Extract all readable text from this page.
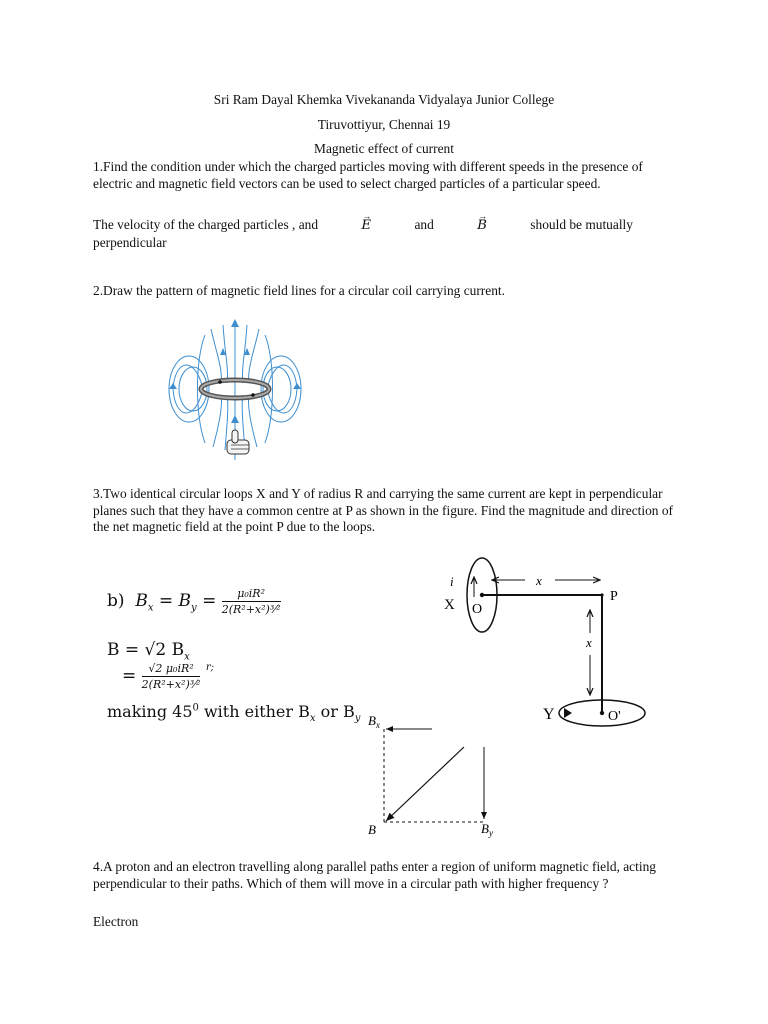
Sri Ram Dayal Khemka Vivekananda Vidyalaya Junior College
Tiruvottiyur, Chennai 19
Magnetic effect of current
1.Find the condition under which the charged particles moving with different speeds in the presence of electric and magnetic field vectors can be used to select charged particles of a particular speed.
The velocity of the charged particles , and
→
E	and
→
B	should be mutually
perpendicular
2.Draw the pattern of magnetic field lines for a circular coil carrying current.
3.Two identical circular loops X and Y of radius R and carrying the same current are kept in perpendicular planes such that they have a common centre at P as shown in the figure. Find the magnitude and direction of the net magnetic field at the point P due to the loops.
b) $B_x = B_y = \frac{\text{μ₀iR²}}{\text{2(R²+x²)³⁄²}}$
B = √2 $B_x$
= $\frac{\text{√2 μ₀iR²}}{\text{2(R²+x²)³⁄²}} ^{r;}$
making $45^0$ with either $B_x$ or $B_y$
i	x
X O
P
x
Y	O'
$B_x$
B	$B_y$
4.A proton and an electron travelling along parallel paths enter a region of uniform magnetic field, acting perpendicular to their paths. Which of them will move in a circular path with higher frequency ?
Electron
